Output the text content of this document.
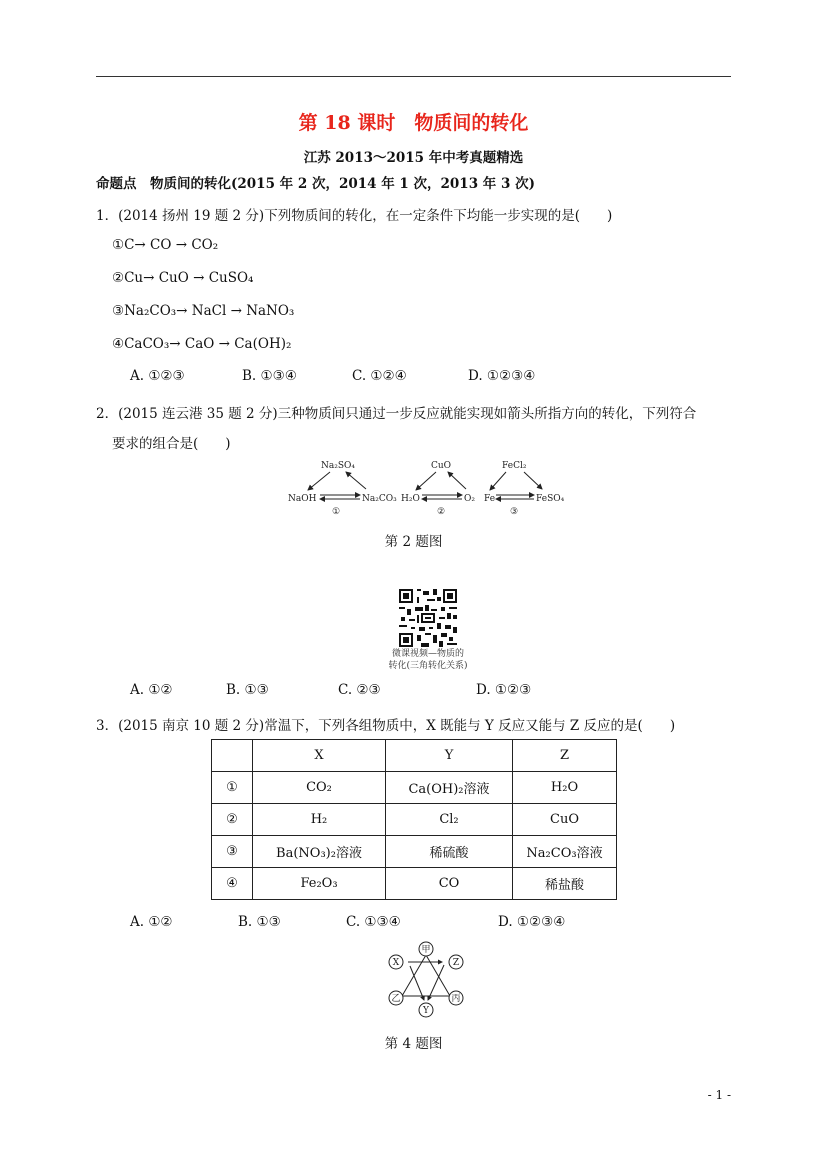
第 18 课时　物质间的转化
江苏 2013～2015 年中考真题精选
命题点　物质间的转化(2015 年 2 次，2014 年 1 次，2013 年 3 次)
1．(2014 扬州 19 题 2 分)下列物质间的转化，在一定条件下均能一步实现的是(　　)
①C→ CO → CO₂
②Cu→ CuO → CuSO₄
③Na₂CO₃→ NaCl → NaNO₃
④CaCO₃→ CaO → Ca(OH)₂
A. ①②③	B. ①③④	C. ①②④	D. ①②③④
2．(2015 连云港 35 题 2 分)三种物质间只通过一步反应就能实现如箭头所指方向的转化，下列符合
要求的组合是(　　)
Na₂SO₄
NaOH	Na₂CO₃
①
CuO
H₂O	O₂
②
FeCl₂
Fe	FeSO₄
③
第 2 题图
微课视频—物质的
转化(三角转化关系)
A. ①②	B. ①③	C. ②③	D. ①②③
3．(2015 南京 10 题 2 分)常温下，下列各组物质中，X 既能与 Y 反应又能与 Z 反应的是(　　)
	X	Y	Z
①	CO₂	Ca(OH)₂溶液	H₂O
②	H₂	Cl₂	CuO
③	Ba(NO₃)₂溶液	稀硫酸	Na₂CO₃溶液
④	Fe₂O₃	CO	稀盐酸
A. ①②	B. ①③	C. ①③④	D. ①②③④
甲
Z
丙
Y
乙
X
第 4 题图
- 1 -
